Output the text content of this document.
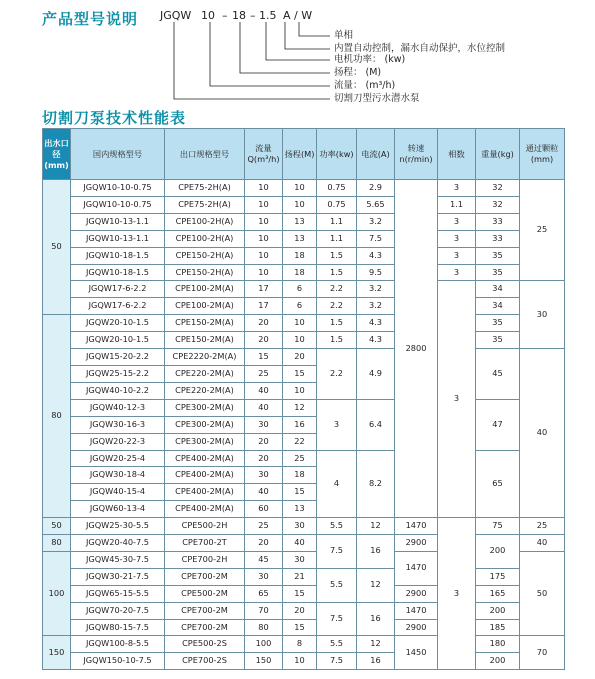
产品型号说明 JGQW 10 – 18 – 1.5 A / W
单相
内置自动控制，漏水自动保护，水位控制
电机功率： (kw)
扬程： (M)
流量： (m³/h)
切割刀型污水潜水泵
切割刀泵技术性能表
出水口径(mm)	国内规格型号	出口规格型号	流量Q(m³/h)	扬程(M)	功率(kw)	电流(A)	转速n(r/min)	相数	重量(kg)	通过颗粒(mm)
50	JGQW10-10-0.75	CPE75-2H(A)	10	10	0.75	2.9	2800	3	32	25
	JGQW10-10-0.75	CPE75-2H(A)	10	10	0.75	5.65		1.1	32	
	JGQW10-13-1.1	CPE100-2H(A)	10	13	1.1	3.2		3	33	
	JGQW10-13-1.1	CPE100-2H(A)	10	13	1.1	7.5		3	33	
	JGQW10-18-1.5	CPE150-2H(A)	10	18	1.5	4.3		3	35	
	JGQW10-18-1.5	CPE150-2H(A)	10	18	1.5	9.5		3	35	
	JGQW17-6-2.2	CPE100-2M(A)	17	6	2.2	3.2		3	34	30
	JGQW17-6-2.2	CPE100-2M(A)	17	6	2.2	3.2			34	
80	JGQW20-10-1.5	CPE150-2M(A)	20	10	1.5	4.3			35	
	JGQW20-10-1.5	CPE150-2M(A)	20	10	1.5	4.3			35	
	JGQW15-20-2.2	CPE2220-2M(A)	15	20	2.2	4.9			45	40
	JGQW25-15-2.2	CPE220-2M(A)	25	15						
	JGQW40-10-2.2	CPE220-2M(A)	40	10						
	JGQW40-12-3	CPE300-2M(A)	40	12	3	6.4			47	
	JGQW30-16-3	CPE300-2M(A)	30	16						
	JGQW20-22-3	CPE300-2M(A)	20	22						
	JGQW20-25-4	CPE400-2M(A)	20	25	4	8.2			65	
	JGQW30-18-4	CPE400-2M(A)	30	18						
	JGQW40-15-4	CPE400-2M(A)	40	15						
	JGQW60-13-4	CPE400-2M(A)	60	13						
50	JGQW25-30-5.5	CPE500-2H	25	30	5.5	12	1470	3	75	25
80	JGQW20-40-7.5	CPE700-2T	20	40	7.5	16	2900		200	40
100	JGQW45-30-7.5	CPE700-2H	45	30			1470			50
	JGQW30-21-7.5	CPE700-2M	30	21	5.5	12			175	
	JGQW65-15-5.5	CPE500-2M	65	15			2900		165	
	JGQW70-20-7.5	CPE700-2M	70	20	7.5	16	1470		200	
	JGQW80-15-7.5	CPE700-2M	80	15			2900		185	
150	JGQW100-8-5.5	CPE500-2S	100	8	5.5	12	1450		180	70
	JGQW150-10-7.5	CPE700-2S	150	10	7.5	16			200	
